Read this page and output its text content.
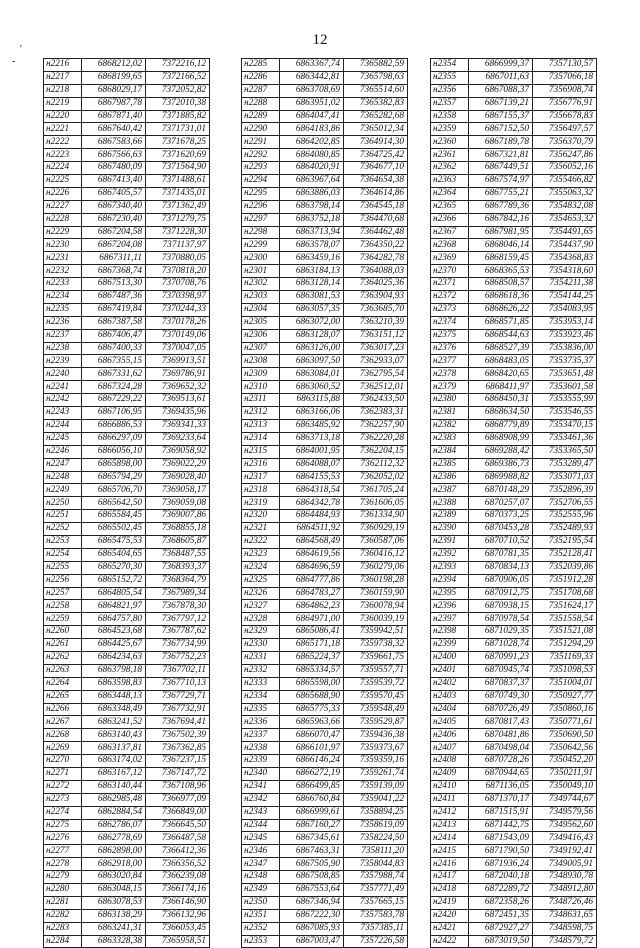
12
'
-	н2216	6868212,02	7372216,12
н2217	6868199,65	7372166,52
н2218	6868029,17	7372052,82
н2219	6867987,78	7372010,38
н2220	6867871,40	7371885,82
н2221	6867640,42	7371731,01
н2222	6867583,66	7371678,25
н2223	6867566,63	7371620,69
н2224	6867480,09	7371564,90
н2225	6867413,40	7371488,61
н2226	6867405,57	7371435,01
н2227	6867340,40	7371362,49
н2228	6867230,40	7371279,75
н2229	6867204,58	7371228,30
н2230	6867204,08	7371137,97
н2231	6867311,11	7370880,05
н2232	6867368,74	7370818,20
н2233	6867513,30	7370708,76
н2234	6867487,36	7370398,97
н2235	6867419,84	7370244,33
н2236	6867387,58	7370178,26
н2237	6867406,47	7370149,06
н2238	6867400,33	7370047,05
н2239	6867355,15	7369913,51
н2240	6867331,62	7369786,91
н2241	6867324,28	7369652,32
н2242	6867229,22	7369513,61
н2243	6867106,95	7369435,96
н2244	6866886,53	7369341,33
н2245	6866297,09	7369233,64
н2246	6866056,10	7369058,92
н2247	6865898,00	7369022,29
н2248	6865794,29	7369028,40
н2249	6865706,70	7369058,17
н2250	6865642,50	7369059,08
н2251	6865584,45	7369007,86
н2252	6865502,45	7368855,18
н2253	6865475,53	7368605,87
н2254	6865404,65	7368487,55
н2255	6865270,30	7368393,37
н2256	6865152,72	7368364,79
н2257	6864805,54	7367989,34
н2258	6864821,97	7367878,30
н2259	6864757,80	7367797,12
н2260	6864523,68	7367787,62
н2261	6864425,67	7367734,99
н2262	6864234,63	7367752,23
н2263	6863798,18	7367702,11
н2264	6863598,83	7367710,13
н2265	6863448,13	7367729,71
н2266	6863348,49	7367732,91
н2267	6863241,52	7367694,41
н2268	6863140,43	7367502,39
н2269	6863137,81	7367362,85
н2270	6863174,02	7367237,15
н2271	6863167,12	7367147,72
н2272	6863140,44	7367108,96
н2273	6862985,48	7366977,09
н2274	6862884,54	7366849,00
н2275	6862786,07	7366645,50
н2276	6862778,69	7366487,58
н2277	6862898,00	7366412,36
н2278	6862918,00	7366356,52
н2279	6863020,84	7366239,08
н2280	6863048,15	7366174,16
н2281	6863078,53	7366146,90
н2282	6863138,29	7366132,96
н2283	6863241,31	7366053,45
н2284	6863328,38	7365958,51
н2285	6863367,74	7365882,59
н2286	6863442,81	7365798,63
н2287	6863708,69	7365514,60
н2288	6863951,02	7365382,83
н2289	6864047,41	7365282,68
н2290	6864183,86	7365012,34
н2291	6864202,85	7364914,30
н2292	6864080,85	7364725,42
н2293	6864020,91	7364677,10
н2294	6863967,64	7364654,38
н2295	6863886,03	7364614,86
н2296	6863798,14	7364545,18
н2297	6863752,18	7364470,68
н2298	6863713,94	7364462,48
н2299	6863578,07	7364350,22
н2300	6863459,16	7364282,78
н2301	6863184,13	7364088,03
н2302	6863128,14	7364025,36
н2303	6863081,53	7363904,93
н2304	6863057,35	7363685,70
н2305	6863072,00	7363210,39
н2306	6863128,07	7363151,12
н2307	6863126,00	7363017,23
н2308	6863097,50	7362933,07
н2309	6863084,01	7362795,54
н2310	6863060,52	7362512,01
н2311	6863115,88	7362433,50
н2312	6863166,06	7362383,31
н2313	6863485,92	7362257,90
н2314	6863713,18	7362220,28
н2315	6864001,95	7362204,15
н2316	6864088,07	7362112,32
н2317	6864155,53	7362052,02
н2318	6864318,54	7361705,24
н2319	6864342,78	7361606,05
н2320	6864484,93	7361334,90
н2321	6864511,92	7360929,19
н2322	6864568,49	7360587,06
н2323	6864619,56	7360416,12
н2324	6864696,59	7360279,06
н2325	6864777,86	7360198,28
н2326	6864783,27	7360159,90
н2327	6864862,23	7360078,94
н2328	6864971,00	7360039,19
н2329	6865086,41	7359942,51
н2330	6865171,18	7359738,32
н2331	6865224,37	7359661,75
н2332	6865334,57	7359557,71
н2333	6865598,00	7359539,72
н2334	6865688,90	7359570,45
н2335	6865775,33	7359548,49
н2336	6865963,66	7359529,87
н2337	6866070,47	7359436,38
н2338	6866101,97	7359373,67
н2339	6866146,24	7359359,16
н2340	6866272,19	7359261,74
н2341	6866499,85	7359139,09
н2342	6866760,84	7359041,22
н2343	6866999,61	7358894,25
н2344	6867160,27	7358619,09
н2345	6867345,61	7358224,50
н2346	6867463,31	7358111,20
н2347	6867505,90	7358044,83
н2348	6867508,85	7357988,74
н2349	6867553,64	7357771,49
н2350	6867346,94	7357665,15
н2351	6867222,30	7357583,78
н2352	6867085,93	7357385,11
н2353	6867003,47	7357226,58
н2354	6866999,37	7357130,57
н2355	6867011,63	7357066,18
н2356	6867088,37	7356908,74
н2357	6867139,21	7356776,91
н2358	6867155,37	7356678,83
н2359	6867152,50	7356497,57
н2360	6867189,78	7356370,79
н2361	6867321,81	7356247,86
н2362	6867449,51	7356052,16
н2363	6867574,97	7355466,82
н2364	6867755,21	7355063,32
н2365	6867789,36	7354832,08
н2366	6867842,16	7354653,32
н2367	6867981,95	7354491,65
н2368	6868046,14	7354437,90
н2369	6868159,45	7354368,83
н2370	6868365,53	7354318,60
н2371	6868508,57	7354211,38
н2372	6868618,36	7354144,25
н2373	6868626,22	7354083,95
н2374	6868571,85	7353953,14
н2375	6868544,63	7353923,46
н2376	6868527,39	7353836,00
н2377	6868483,05	7353735,37
н2378	6868420,65	7353651,48
н2379	6868411,97	7353601,58
н2380	6868450,31	7353555,99
н2381	6868634,50	7353546,55
н2382	6868779,89	7353470,15
н2383	6868908,99	7353461,36
н2384	6869288,42	7353365,50
н2385	6869386,73	7353289,47
н2386	6869988,82	7353071,03
н2387	6870148,29	7352896,39
н2388	6870257,07	7352706,55
н2389	6870373,25	7352555,96
н2390	6870453,28	7352489,93
н2391	6870710,52	7352195,54
н2392	6870781,35	7352128,41
н2393	6870834,13	7352039,86
н2394	6870906,05	7351912,28
н2395	6870912,75	7351708,68
н2396	6870938,15	7351624,17
н2397	6870978,54	7351558,54
н2398	6871029,35	7351521,08
н2399	6871028,74	7351294,29
н2400	6870991,23	7351169,33
н2401	6870945,74	7351098,53
н2402	6870837,37	7351004,01
н2403	6870749,30	7350927,77
н2404	6870726,49	7350860,16
н2405	6870817,43	7350771,61
н2406	6870481,86	7350690,50
н2407	6870498,04	7350642,56
н2408	6870728,26	7350452,20
н2409	6870944,65	7350211,91
н2410	6871136,05	7350049,10
н2411	6871370,17	7349744,67
н2412	6871515,91	7349579,56
н2413	6871442,75	7349562,60
н2414	6871543,09	7349416,43
н2415	6871790,50	7349192,41
н2416	6871936,24	7349005,91
н2417	6872040,18	7348930,78
н2418	6872289,72	7348912,80
н2419	6872358,26	7348726,46
н2420	6872451,35	7348631,65
н2421	6872927,27	7348598,75
н2422	6873019,50	7348579,72
